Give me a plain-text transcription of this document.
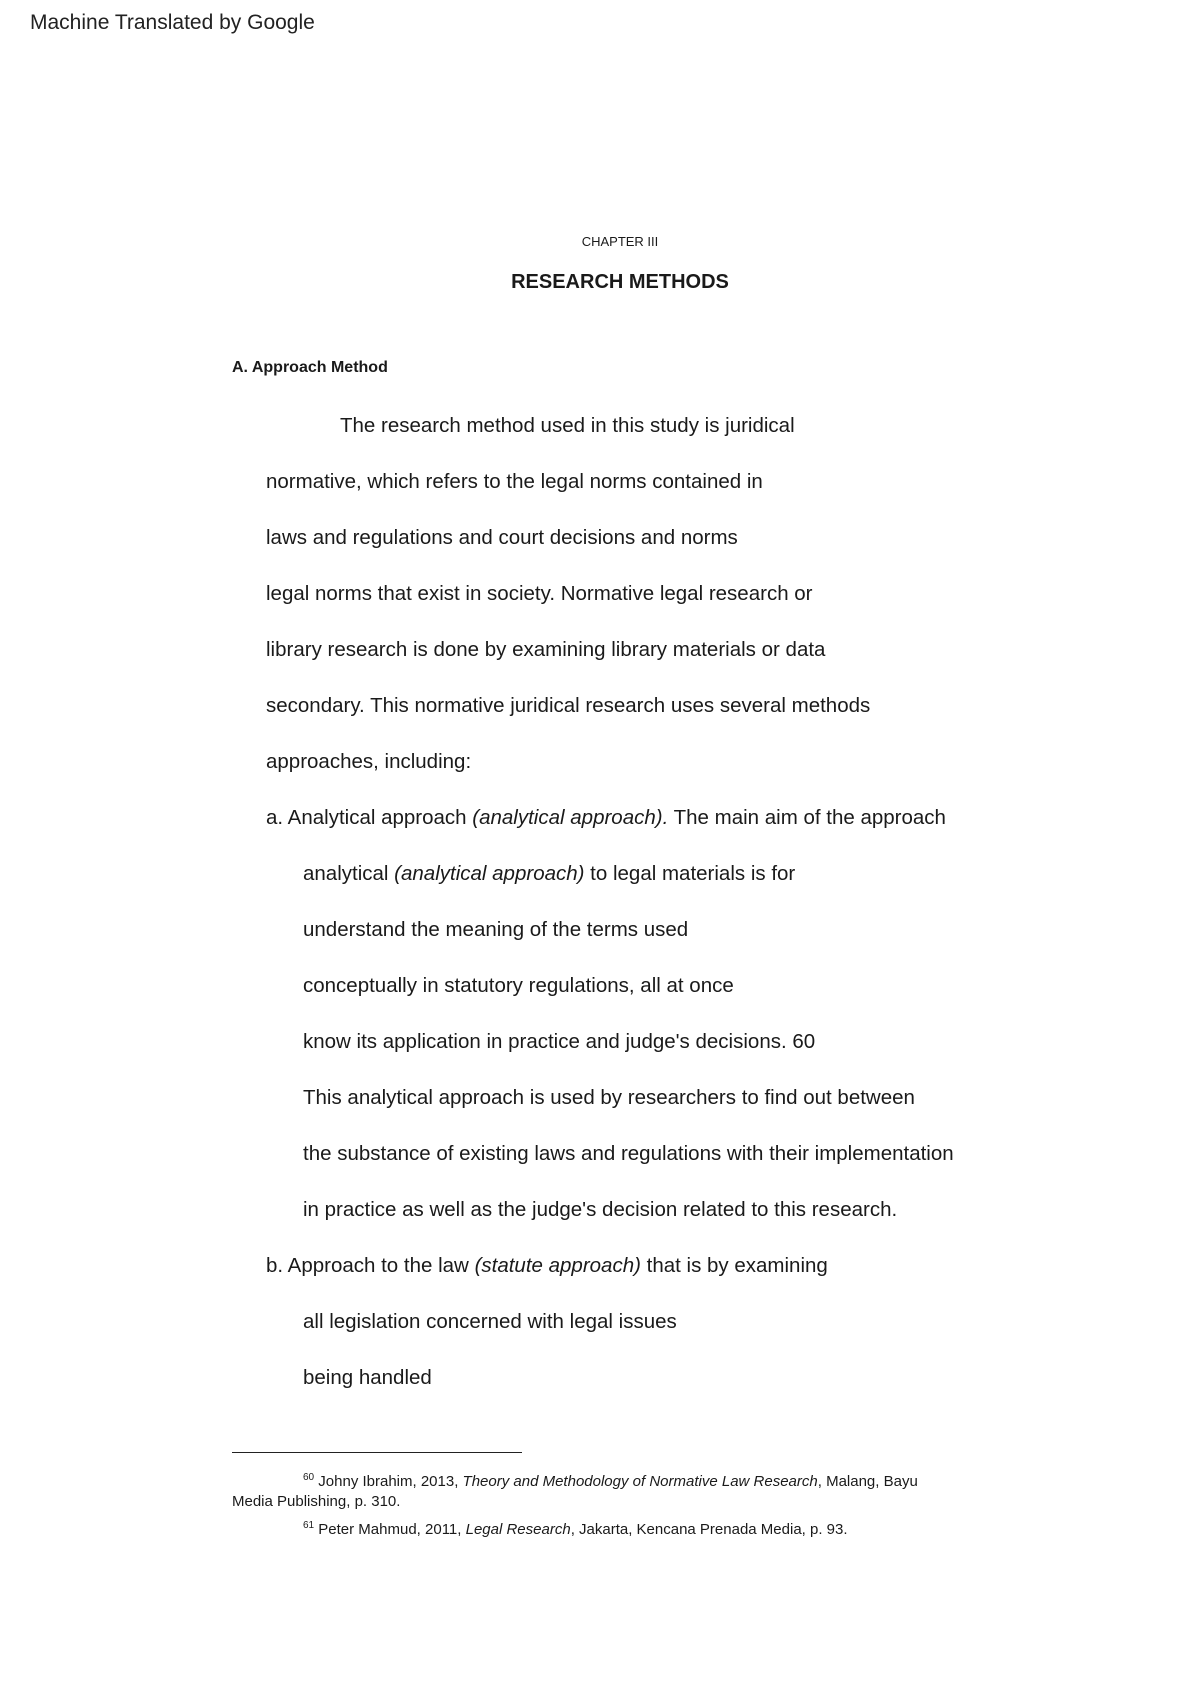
Machine Translated by Google
CHAPTER III
RESEARCH METHODS
A. Approach Method
The research method used in this study is juridical
normative, which refers to the legal norms contained in
laws and regulations and court decisions and norms
legal norms that exist in society. Normative legal research or
library research is done by examining library materials or data
secondary. This normative juridical research uses several methods
approaches, including:
a. Analytical approach (analytical approach). The main aim of the approach
analytical (analytical approach) to legal materials is for
understand the meaning of the terms used
conceptually in statutory regulations, all at once
know its application in practice and judge's decisions. 60
This analytical approach is used by researchers to find out between
the substance of existing laws and regulations with their implementation
in practice as well as the judge's decision related to this research.
b. Approach to the law (statute approach) that is by examining
all legislation concerned with legal issues
being handled
$^{60}$ Johny Ibrahim, 2013, Theory and Methodology of Normative Law Research, Malang, Bayu
Media Publishing, p. 310.
$^{61}$ Peter Mahmud, 2011, Legal Research, Jakarta, Kencana Prenada Media, p. 93.
